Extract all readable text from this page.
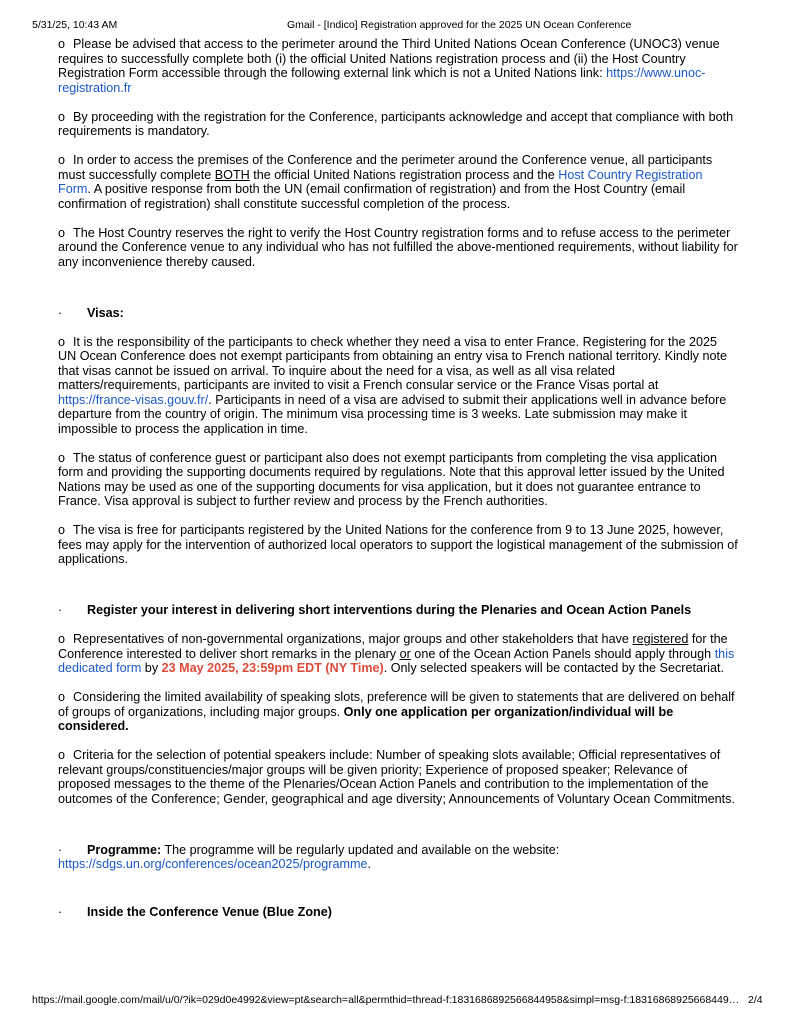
5/31/25, 10:43 AM	Gmail - [Indico] Registration approved for the 2025 UN Ocean Conference

o Please be advised that access to the perimeter around the Third United Nations Ocean Conference (UNOC3) venue requires to successfully complete both (i) the official United Nations registration process and (ii) the Host Country Registration Form accessible through the following external link which is not a United Nations link: https://www.unoc-registration.fr

o By proceeding with the registration for the Conference, participants acknowledge and accept that compliance with both requirements is mandatory.

o In order to access the premises of the Conference and the perimeter around the Conference venue, all participants must successfully complete BOTH the official United Nations registration process and the Host Country Registration Form. A positive response from both the UN (email confirmation of registration) and from the Host Country (email confirmation of registration) shall constitute successful completion of the process.

o The Host Country reserves the right to verify the Host Country registration forms and to refuse access to the perimeter around the Conference venue to any individual who has not fulfilled the above-mentioned requirements, without liability for any inconvenience thereby caused.

· Visas:

o It is the responsibility of the participants to check whether they need a visa to enter France. Registering for the 2025 UN Ocean Conference does not exempt participants from obtaining an entry visa to French national territory. Kindly note that visas cannot be issued on arrival. To inquire about the need for a visa, as well as all visa related matters/requirements, participants are invited to visit a French consular service or the France Visas portal at https://france-visas.gouv.fr/. Participants in need of a visa are advised to submit their applications well in advance before departure from the country of origin. The minimum visa processing time is 3 weeks. Late submission may make it impossible to process the application in time.

o The status of conference guest or participant also does not exempt participants from completing the visa application form and providing the supporting documents required by regulations. Note that this approval letter issued by the United Nations may be used as one of the supporting documents for visa application, but it does not guarantee entrance to France. Visa approval is subject to further review and process by the French authorities.

o The visa is free for participants registered by the United Nations for the conference from 9 to 13 June 2025, however, fees may apply for the intervention of authorized local operators to support the logistical management of the submission of applications.

· Register your interest in delivering short interventions during the Plenaries and Ocean Action Panels

o Representatives of non-governmental organizations, major groups and other stakeholders that have registered for the Conference interested to deliver short remarks in the plenary or one of the Ocean Action Panels should apply through this dedicated form by 23 May 2025, 23:59pm EDT (NY Time). Only selected speakers will be contacted by the Secretariat.

o Considering the limited availability of speaking slots, preference will be given to statements that are delivered on behalf of groups of organizations, including major groups. Only one application per organization/individual will be considered.

o Criteria for the selection of potential speakers include: Number of speaking slots available; Official representatives of relevant groups/constituencies/major groups will be given priority; Experience of proposed speaker; Relevance of proposed messages to the theme of the Plenaries/Ocean Action Panels and contribution to the implementation of the outcomes of the Conference; Gender, geographical and age diversity; Announcements of Voluntary Ocean Commitments.

· Programme: The programme will be regularly updated and available on the website: https://sdgs.un.org/conferences/ocean2025/programme.
· Inside the Conference Venue (Blue Zone)
https://mail.google.com/mail/u/0/?ik=029d0e4992&view=pt&search=all&permthid=thread-f:1831686892566844958&simpl=msg-f:18316868925668449… 2/4
